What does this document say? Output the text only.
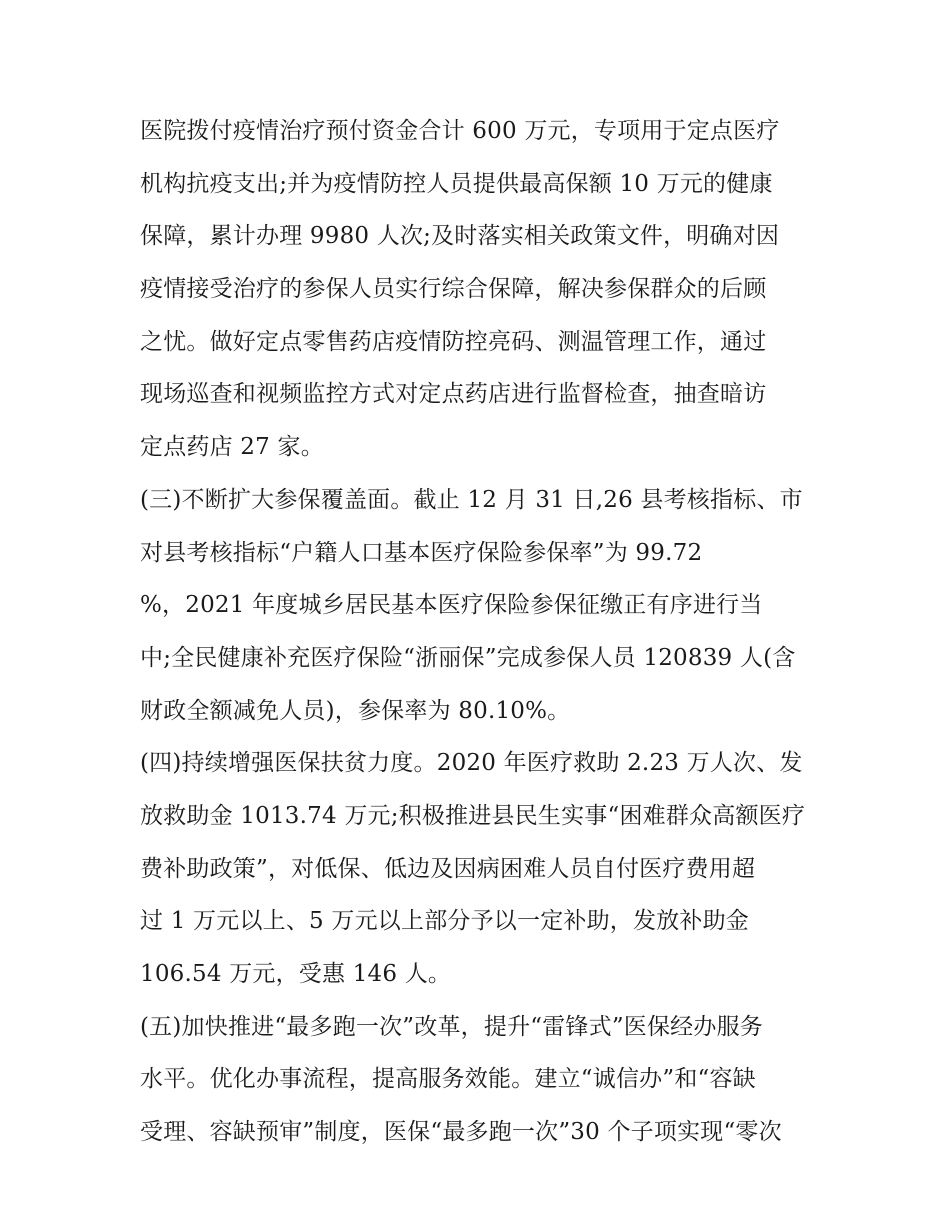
医院拨付疫情治疗预付资金合计 600 万元，专项用于定点医疗
机构抗疫支出;并为疫情防控人员提供最高保额 10 万元的健康
保障，累计办理 9980 人次;及时落实相关政策文件，明确对因
疫情接受治疗的参保人员实行综合保障，解决参保群众的后顾
之忧。做好定点零售药店疫情防控亮码、测温管理工作，通过
现场巡查和视频监控方式对定点药店进行监督检查，抽查暗访
定点药店 27 家。
(三)不断扩大参保覆盖面。截止 12 月 31 日,26 县考核指标、市
对县考核指标“户籍人口基本医疗保险参保率”为 99.72
%，2021 年度城乡居民基本医疗保险参保征缴正有序进行当
中;全民健康补充医疗保险“浙丽保”完成参保人员 120839 人(含
财政全额减免人员)，参保率为 80.10%。
(四)持续增强医保扶贫力度。2020 年医疗救助 2.23 万人次、发
放救助金 1013.74 万元;积极推进县民生实事“困难群众高额医疗
费补助政策”，对低保、低边及因病困难人员自付医疗费用超
过 1 万元以上、5 万元以上部分予以一定补助，发放补助金
106.54 万元，受惠 146 人。
(五)加快推进“最多跑一次”改革，提升“雷锋式”医保经办服务
水平。优化办事流程，提高服务效能。建立“诚信办”和“容缺
受理、容缺预审”制度，医保“最多跑一次”30 个子项实现“零次
